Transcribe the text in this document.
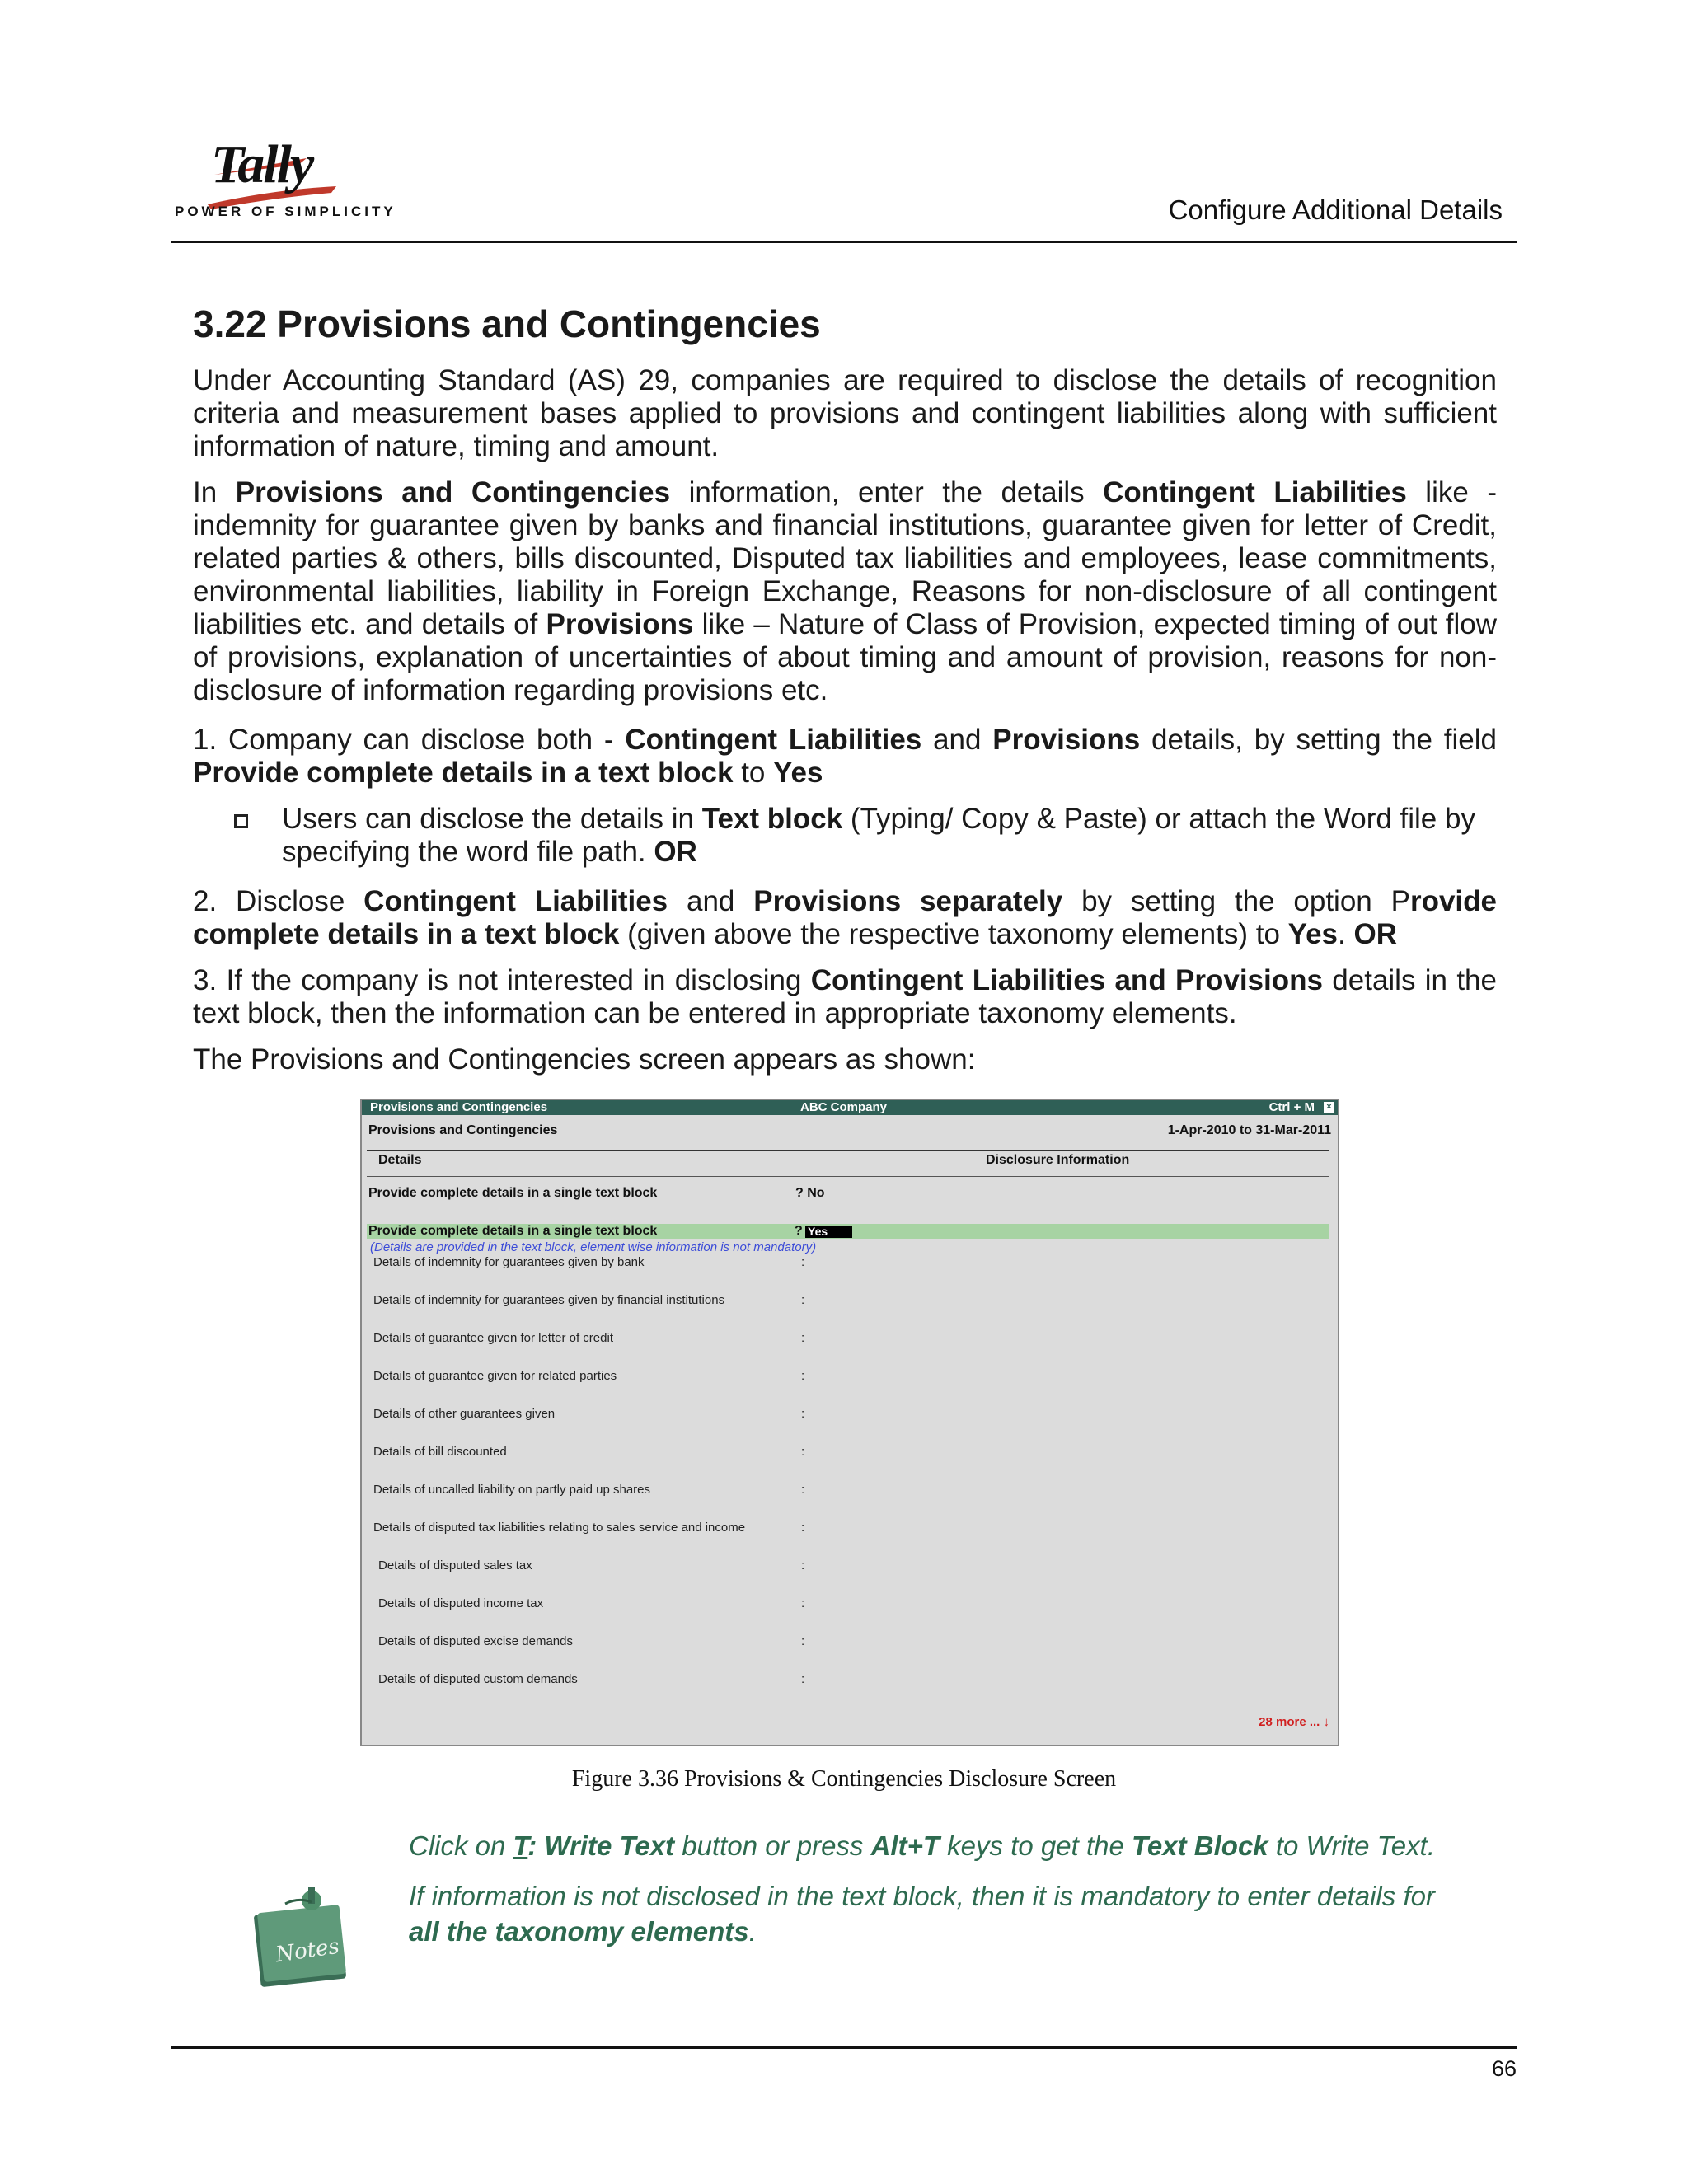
Tally
POWER OF SIMPLICITY	Configure Additional Details
3.22 Provisions and Contingencies

Under Accounting Standard (AS) 29, companies are required to disclose the details of recognition criteria and measurement bases applied to provisions and contingent liabilities along with sufficient information of nature, timing and amount.

In Provisions and Contingencies information, enter the details Contingent Liabilities like - indemnity for guarantee given by banks and financial institutions, guarantee given for letter of Credit, related parties & others, bills discounted, Disputed tax liabilities and employees, lease commitments, environmental liabilities, liability in Foreign Exchange, Reasons for non-disclosure of all contingent liabilities etc. and details of Provisions like – Nature of Class of Provision, expected timing of out flow of provisions, explanation of uncertainties of about timing and amount of provision, reasons for non-disclosure of information regarding provisions etc.

1. Company can disclose both - Contingent Liabilities and Provisions details, by setting the field Provide complete details in a text block to Yes

Users can disclose the details in Text block (Typing/ Copy & Paste) or attach the Word file by specifying the word file path. OR

2. Disclose Contingent Liabilities and Provisions separately by setting the option Provide complete details in a text block (given above the respective taxonomy elements) to Yes. OR

3. If the company is not interested in disclosing Contingent Liabilities and Provisions details in the text block, then the information can be entered in appropriate taxonomy elements.

The Provisions and Contingencies screen appears as shown:

Provisions and Contingencies	ABC Company	Ctrl + M ×
Provisions and Contingencies	1-Apr-2010 to 31-Mar-2011
Details	Disclosure Information
Provide complete details in a single text block	? No
Provide complete details in a single text block	? Yes
(Details are provided in the text block, element wise information is not mandatory)
Details of indemnity for guarantees given by bank	:
Details of indemnity for guarantees given by financial institutions	:
Details of guarantee given for letter of credit	:
Details of guarantee given for related parties	:
Details of other guarantees given	:
Details of bill discounted	:
Details of uncalled liability on partly paid up shares	:
Details of disputed tax liabilities relating to sales service and income	:
Details of disputed sales tax	:
Details of disputed income tax	:
Details of disputed excise demands	:
Details of disputed custom demands	:
28 more ... ↓
Figure 3.36 Provisions & Contingencies Disclosure Screen
Notes

Click on T: Write Text button or press Alt+T keys to get the Text Block to Write Text.

If information is not disclosed in the text block, then it is mandatory to enter details for all the taxonomy elements.

66
